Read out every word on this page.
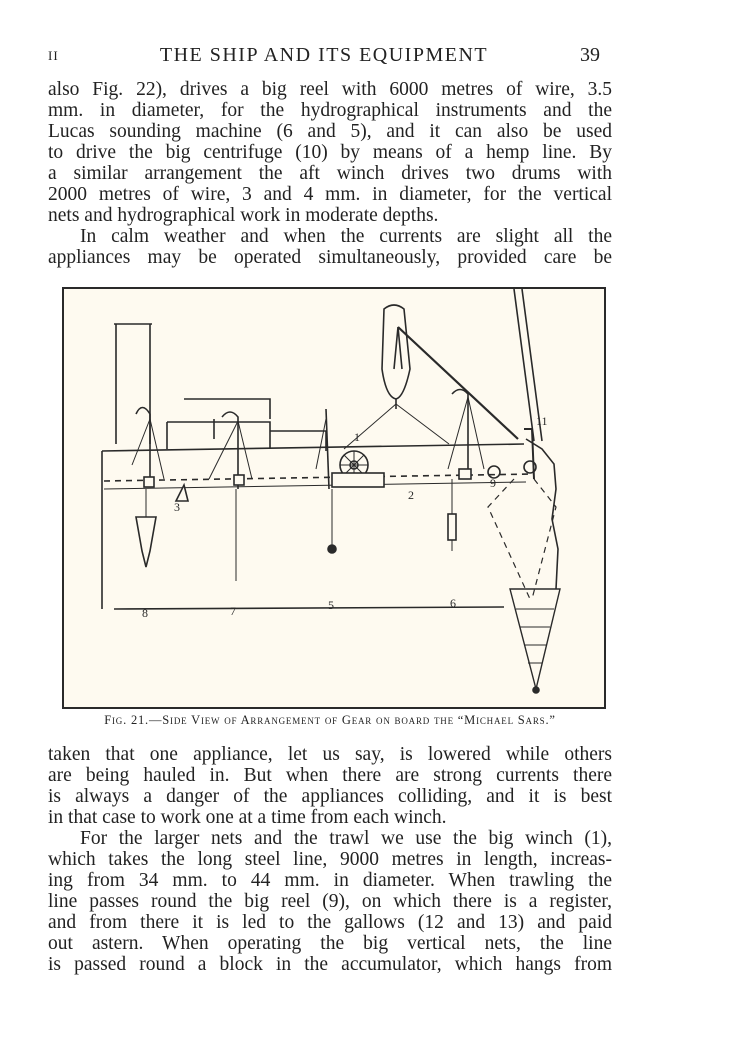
II	THE SHIP AND ITS EQUIPMENT	39
also Fig. 22), drives a big reel with 6000 metres of wire, 3.5
mm. in diameter, for the hydrographical instruments and the
Lucas sounding machine (6 and 5), and it can also be used
to drive the big centrifuge (10) by means of a hemp line. By
a similar arrangement the aft winch drives two drums with
2000 metres of wire, 3 and 4 mm. in diameter, for the vertical
nets and hydrographical work in moderate depths.
In calm weather and when the currents are slight all the
appliances may be operated simultaneously, provided care be
1
2
3
5	6
7
8
9
11
Fig. 21.—Side View of Arrangement of Gear on board the “Michael Sars.”
taken that one appliance, let us say, is lowered while others
are being hauled in. But when there are strong currents there
is always a danger of the appliances colliding, and it is best
in that case to work one at a time from each winch.
For the larger nets and the trawl we use the big winch (1),
which takes the long steel line, 9000 metres in length, increas-
ing from 34 mm. to 44 mm. in diameter. When trawling the
line passes round the big reel (9), on which there is a register,
and from there it is led to the gallows (12 and 13) and paid
out astern. When operating the big vertical nets, the line
is passed round a block in the accumulator, which hangs from
